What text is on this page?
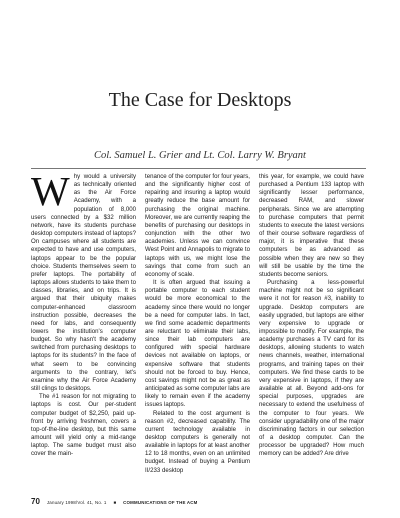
The Case for Desktops
Col. Samuel L. Grier and Lt. Col. Larry W. Bryant

Why would a university as technically oriented as the Air Force Academy, with a population of 8,000 users connected by a $32 million network, have its students purchase desktop computers instead of laptops? On campuses where all students are expected to have and use computers, laptops appear to be the popular choice. Students themselves seem to prefer laptops. The portability of laptops allows students to take them to classes, libraries, and on trips. It is argued that their ubiquity makes computer-enhanced classroom instruction possible, decreases the need for labs, and consequently lowers the institution's computer budget. So why hasn't the academy switched from purchasing desktops to laptops for its students? In the face of what seem to be convincing arguments to the contrary, let's examine why the Air Force Academy still clings to desktops.

The #1 reason for not migrating to laptops is cost. Our per-student computer budget of $2,250, paid up-front by arriving freshmen, covers a top-of-the-line desktop, but this same amount will yield only a mid-range laptop. The same budget must also cover the main-

tenance of the computer for four years, and the significantly higher cost of repairing and insuring a laptop would greatly reduce the base amount for purchasing the original machine. Moreover, we are currently reaping the benefits of purchasing our desktops in conjunction with the other two academies. Unless we can convince West Point and Annapolis to migrate to laptops with us, we might lose the savings that come from such an economy of scale.

It is often argued that issuing a portable computer to each student would be more economical to the academy since there would no longer be a need for computer labs. In fact, we find some academic departments are reluctant to eliminate their labs, since their lab computers are configured with special hardware devices not available on laptops, or expensive software that students should not be forced to buy. Hence, cost savings might not be as great as anticipated as some computer labs are likely to remain even if the academy issues laptops.

Related to the cost argument is reason #2, decreased capability. The current technology available in desktop computers is generally not available in laptops for at least another 12 to 18 months, even on an unlimited budget. Instead of buying a Pentium II/233 desktop

this year, for example, we could have purchased a Pentium 133 laptop with significantly lesser performance, decreased RAM, and slower peripherals. Since we are attempting to purchase computers that permit students to execute the latest versions of their course software regardless of major, it is imperative that these computers be as advanced as possible when they are new so they will still be usable by the time the students become seniors.

Purchasing a less-powerful machine might not be so significant were it not for reason #3, inability to upgrade. Desktop computers are easily upgraded, but laptops are either very expensive to upgrade or impossible to modify. For example, the academy purchases a TV card for its desktops, allowing students to watch news channels, weather, international programs, and training tapes on their computers. We find these cards to be very expensive in laptops, if they are available at all. Beyond add-ons for special purposes, upgrades are necessary to extend the usefulness of the computer to four years. We consider upgradability one of the major discriminating factors in our selection of a desktop computer. Can the processor be upgraded? How much memory can be added? Are drive

70 January 1998/Vol. 41, No. 1 ■ COMMUNICATIONS OF THE ACM
